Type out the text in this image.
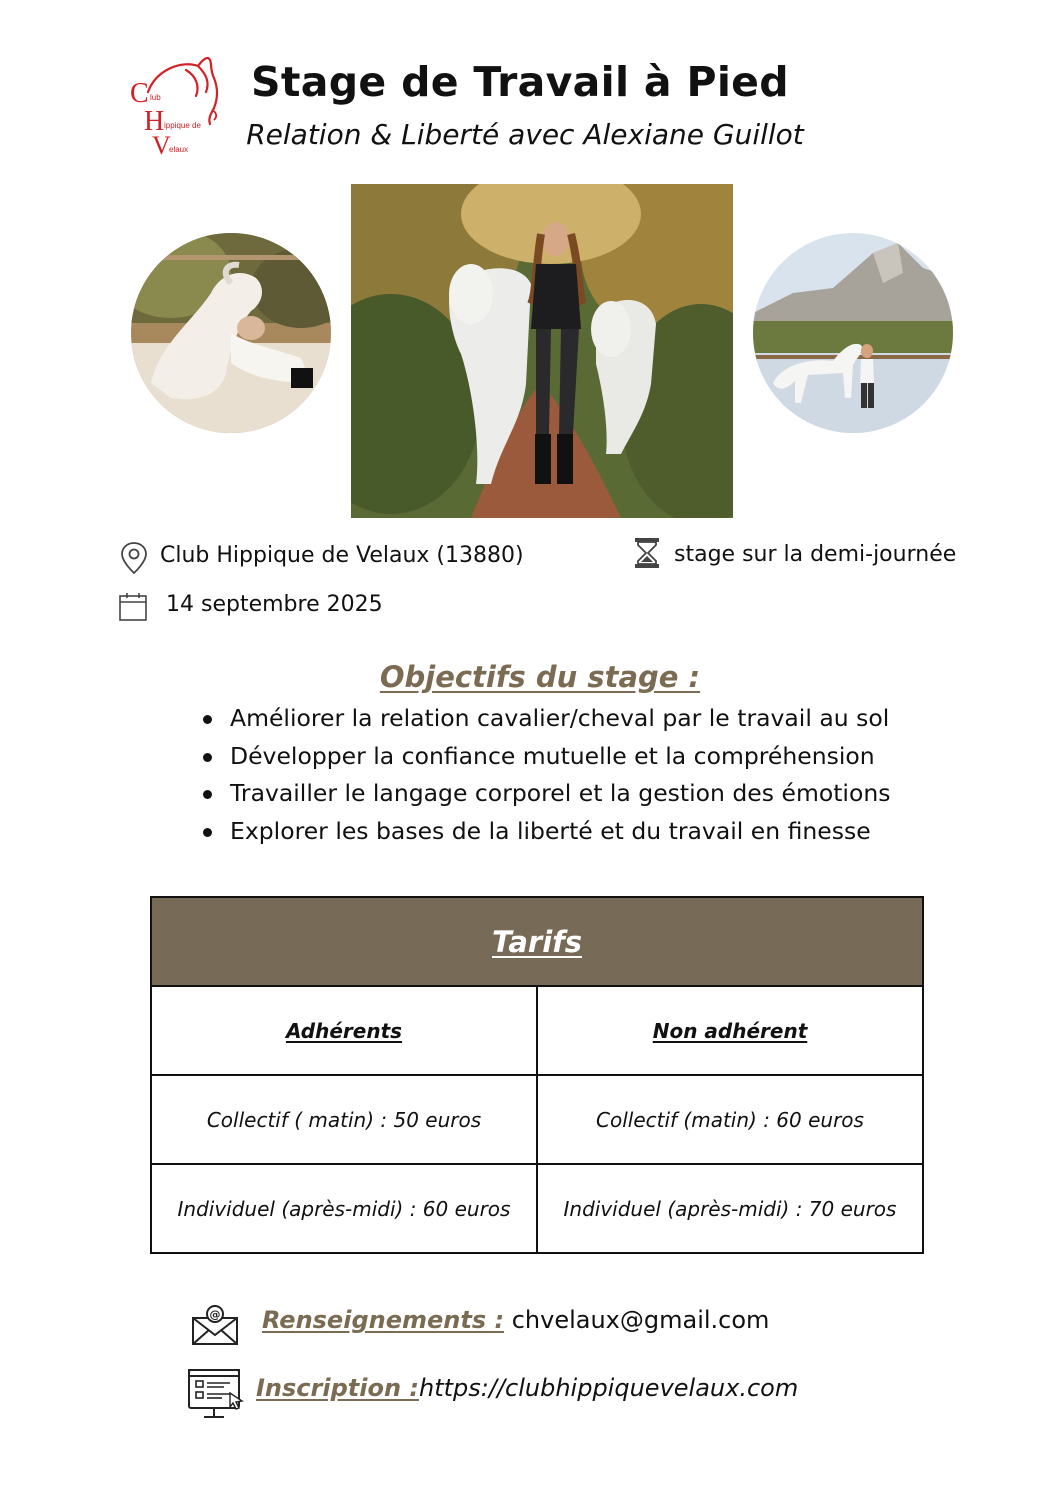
C lub
H ippique de
V
elaux
Stage de Travail à Pied
Relation & Liberté avec Alexiane Guillot
Club Hippique de Velaux (13880)	stage sur la demi-journée
14 septembre 2025
Objectifs du stage :
Améliorer la relation cavalier/cheval par le travail au sol
Développer la confiance mutuelle et la compréhension
Travailler le langage corporel et la gestion des émotions
Explorer les bases de la liberté et du travail en finesse
Tarifs	
Adhérents	Non adhérent
Collectif ( matin) : 50 euros	Collectif (matin) : 60 euros
Individuel (après-midi) : 60 euros	Individuel (après-midi) : 70 euros
@ Renseignements : chvelaux@gmail.com
Inscription :https://clubhippiquevelaux.com
